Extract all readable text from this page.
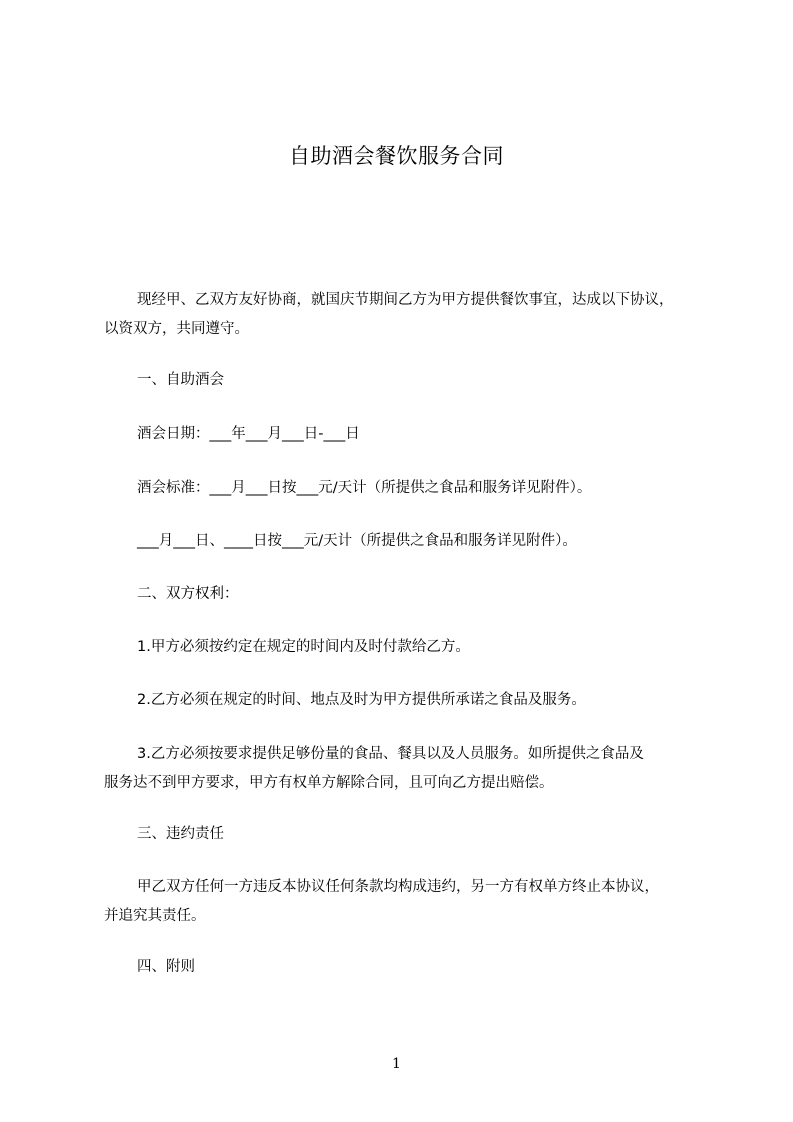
自助酒会餐饮服务合同
现经甲、乙双方友好协商，就国庆节期间乙方为甲方提供餐饮事宜，达成以下协议，
以资双方，共同遵守。
一、自助酒会
酒会日期：___年___月___日-___日
酒会标准：___月___日按___元/天计（所提供之食品和服务详见附件）。
___月___日、____日按___元/天计（所提供之食品和服务详见附件）。
二、双方权利：
1.甲方必须按约定在规定的时间内及时付款给乙方。
2.乙方必须在规定的时间、地点及时为甲方提供所承诺之食品及服务。
3.乙方必须按要求提供足够份量的食品、餐具以及人员服务。如所提供之食品及
服务达不到甲方要求，甲方有权单方解除合同，且可向乙方提出赔偿。
三、违约责任
甲乙双方任何一方违反本协议任何条款均构成违约，另一方有权单方终止本协议，
并追究其责任。
四、附则
1
